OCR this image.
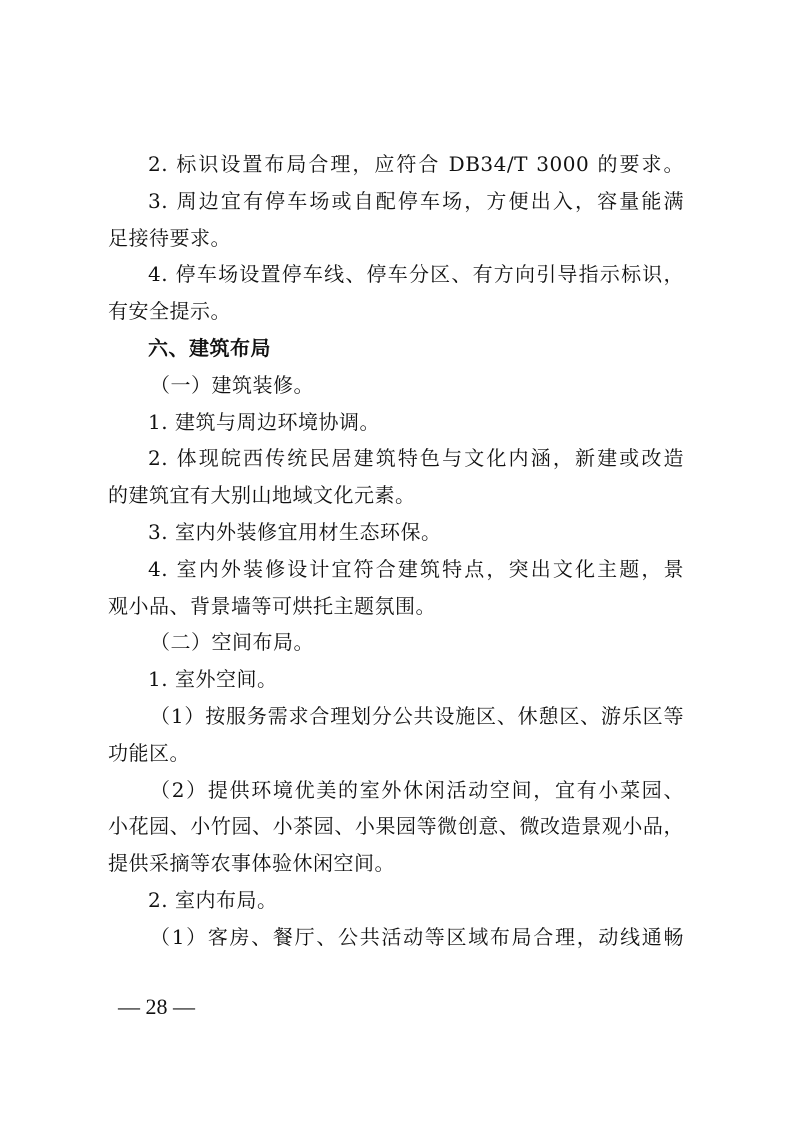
2. 标识设置布局合理，应符合 DB34/T 3000 的要求。

3. 周边宜有停车场或自配停车场，方便出入，容量能满

足接待要求。

4. 停车场设置停车线、停车分区、有方向引导指示标识，

有安全提示。

六、建筑布局

（一）建筑装修。

1. 建筑与周边环境协调。

2. 体现皖西传统民居建筑特色与文化内涵，新建或改造

的建筑宜有大别山地域文化元素。

3. 室内外装修宜用材生态环保。

4. 室内外装修设计宜符合建筑特点，突出文化主题，景

观小品、背景墙等可烘托主题氛围。

（二）空间布局。

1. 室外空间。

（1）按服务需求合理划分公共设施区、休憩区、游乐区等

功能区。

（2）提供环境优美的室外休闲活动空间，宜有小菜园、

小花园、小竹园、小茶园、小果园等微创意、微改造景观小品，

提供采摘等农事体验休闲空间。

2. 室内布局。

（1）客房、餐厅、公共活动等区域布局合理，动线通畅

— 28 —
